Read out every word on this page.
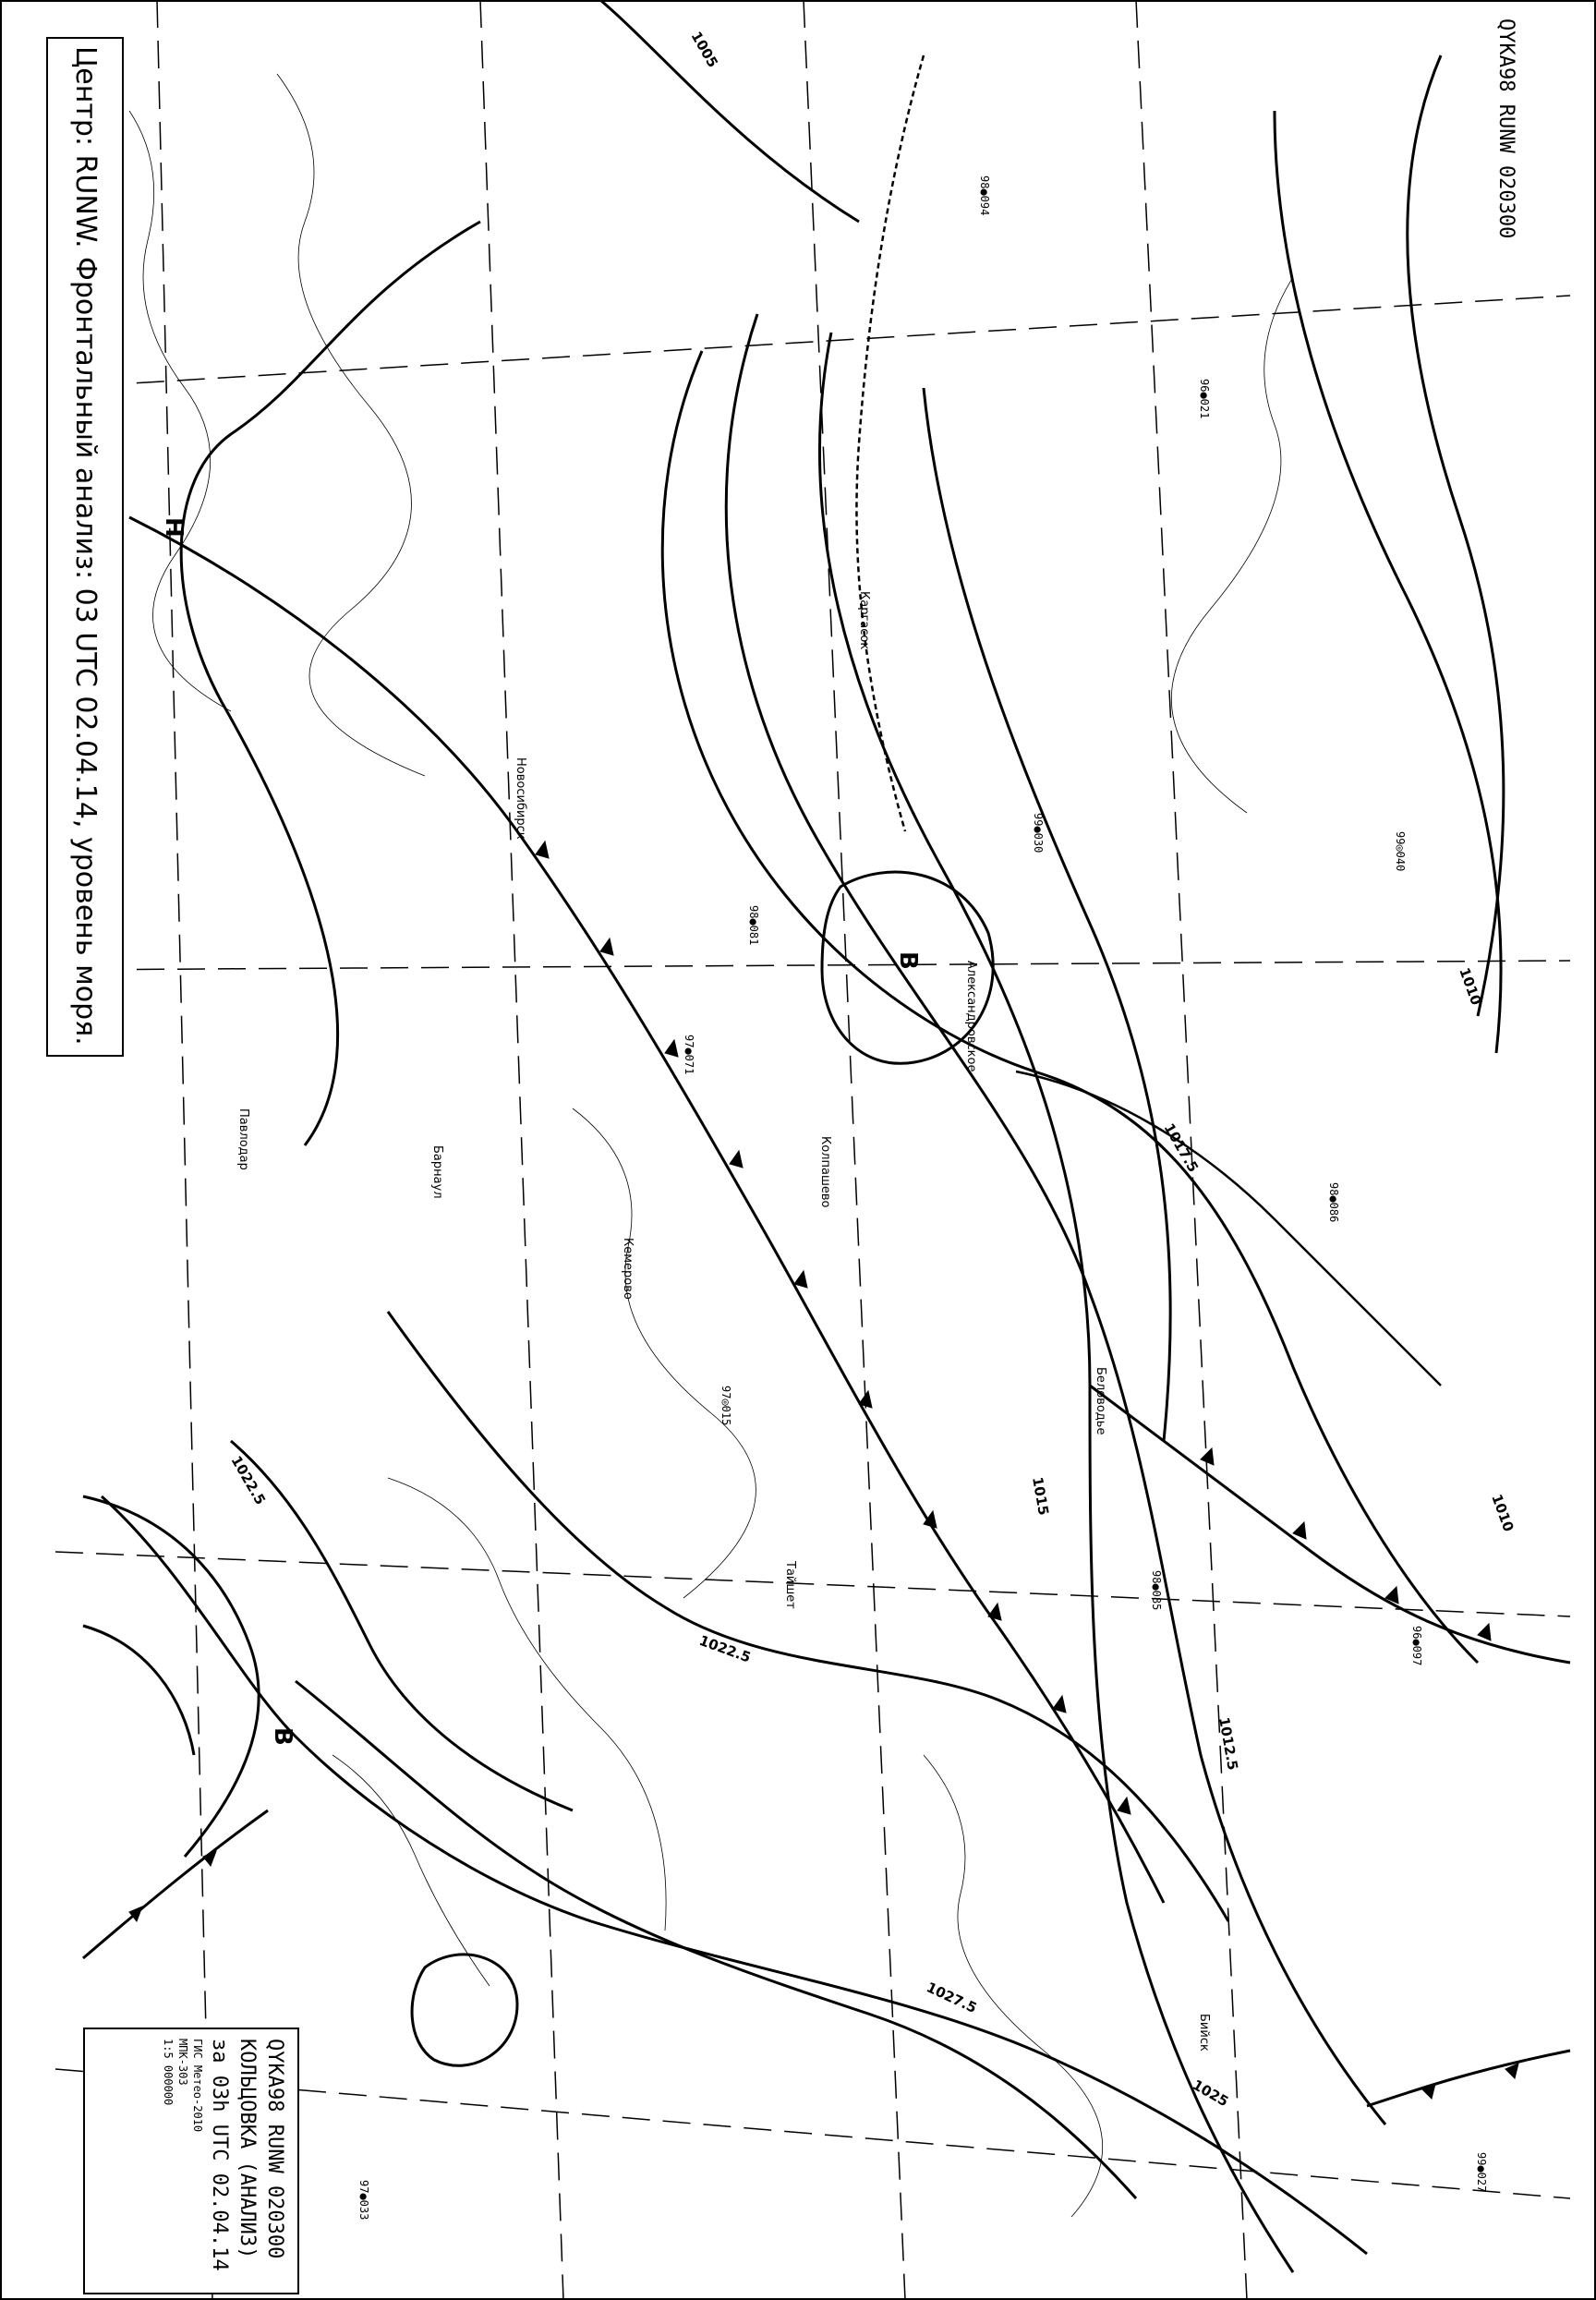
1005
1010
1010
1012.5
1015
1017.5
1022.5
1022.5
1025
1027.5
Н
В
В
Новосибирск
Барнаул
Александровское
Каргасок
Беловодье
Колпашево
Тайшет
Кемерово
Бийск
Павлодар
97●071
98●081
99◎040
96●021
98●094
97◎015
98●085
99●030
98●086
97●033
96●097
99●027
Центр: RUNW. Фронтальный анализ: 03 UTC 02.04.14, уровень моря.	QYKA98 RUNW 020300
QYKA98 RUNW 020300
КОЛЬЦОВКА (АНАЛИЗ)
за 03h UTC 02.04.14
ГИС Метео-2010
МПК-303
1:5 000000
